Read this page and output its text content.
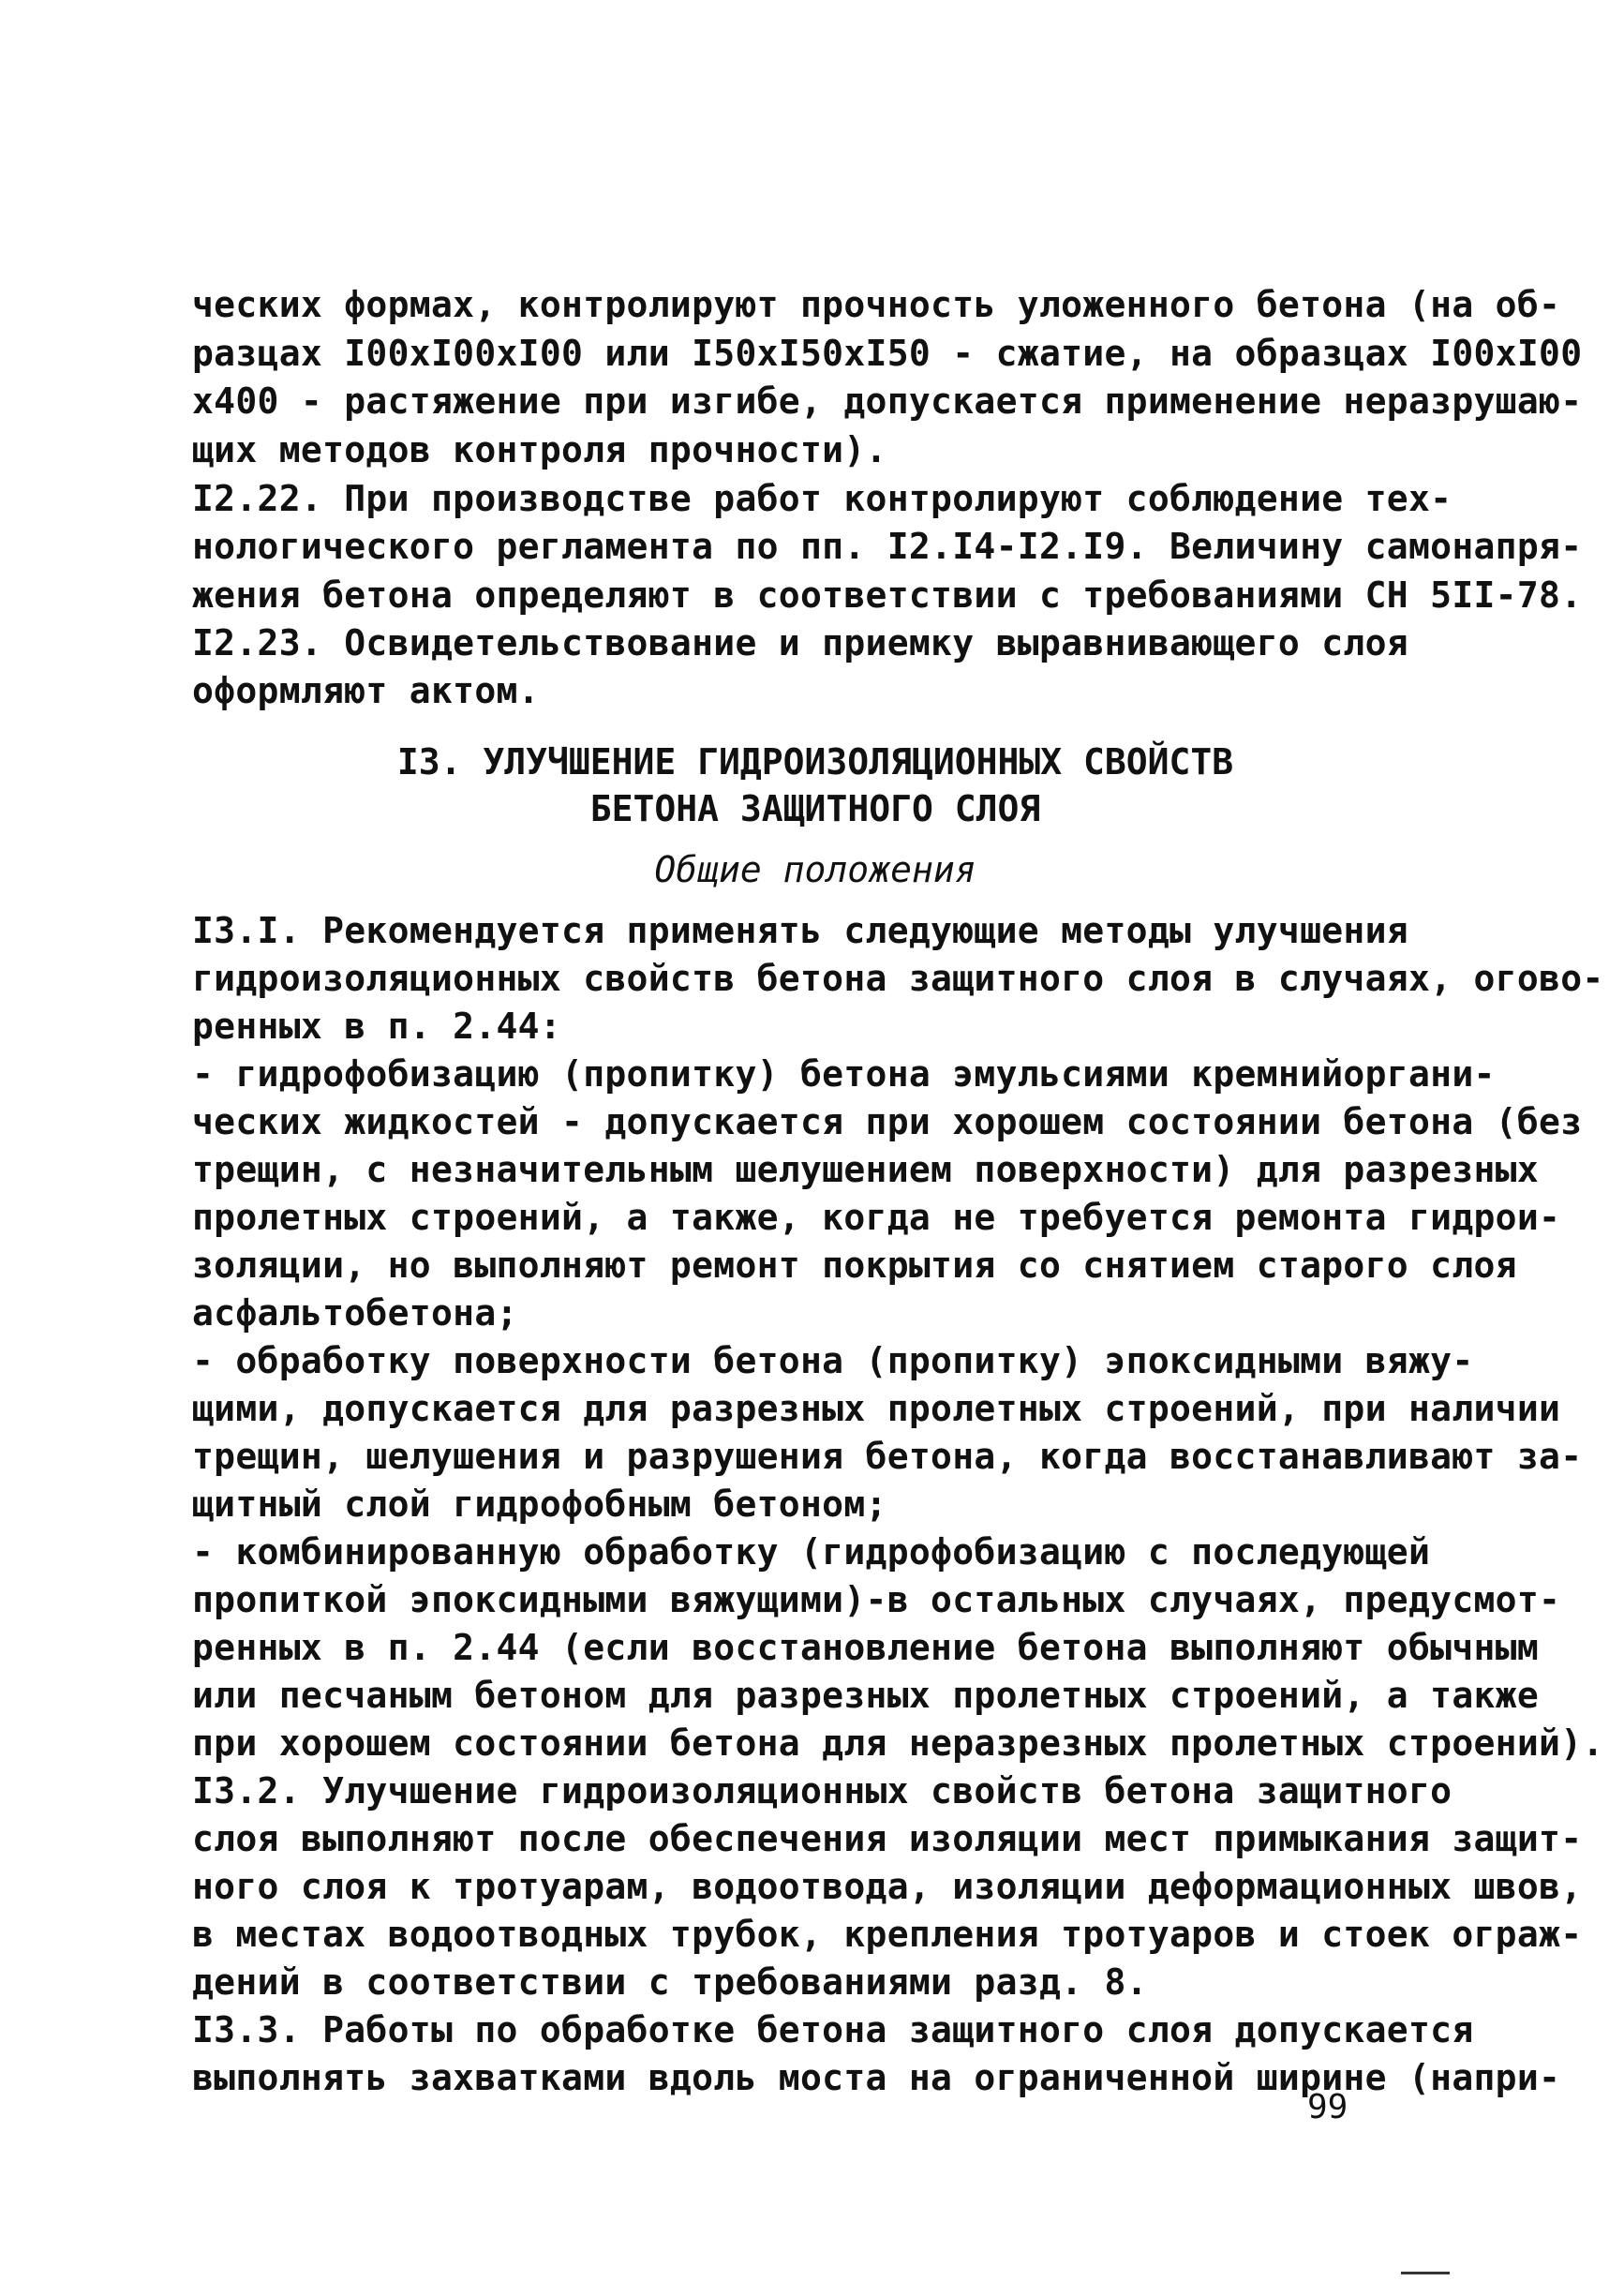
ческих формах, контролируют прочность уложенного бетона (на об-
разцах I00xI00xI00 или I50xI50xI50 - сжатие, на образцах I00xI00
x400 - растяжение при изгибе, допускается применение неразрушаю-
щих методов контроля прочности).
I2.22. При производстве работ контролируют соблюдение тех-
нологического регламента по пп. I2.I4-I2.I9. Величину самонапря-
жения бетона определяют в соответствии с требованиями СН 5II-78.
I2.23. Освидетельствование и приемку выравнивающего слоя
оформляют актом.
I3. УЛУЧШЕНИЕ ГИДРОИЗОЛЯЦИОННЫХ СВОЙСТВ
БЕТОНА ЗАЩИТНОГО СЛОЯ
Общие положения
I3.I. Рекомендуется применять следующие методы улучшения
гидроизоляционных свойств бетона защитного слоя в случаях, огово-
ренных в п. 2.44:
- гидрофобизацию (пропитку) бетона эмульсиями кремнийоргани-
ческих жидкостей - допускается при хорошем состоянии бетона (без
трещин, с незначительным шелушением поверхности) для разрезных
пролетных строений, а также, когда не требуется ремонта гидрои-
золяции, но выполняют ремонт покрытия со снятием старого слоя
асфальтобетона;
- обработку поверхности бетона (пропитку) эпоксидными вяжу-
щими, допускается для разрезных пролетных строений, при наличии
трещин, шелушения и разрушения бетона, когда восстанавливают за-
щитный слой гидрофобным бетоном;
- комбинированную обработку (гидрофобизацию с последующей
пропиткой эпоксидными вяжущими)-в остальных случаях, предусмот-
ренных в п. 2.44 (если восстановление бетона выполняют обычным
или песчаным бетоном для разрезных пролетных строений, а также
при хорошем состоянии бетона для неразрезных пролетных строений).
I3.2. Улучшение гидроизоляционных свойств бетона защитного
слоя выполняют после обеспечения изоляции мест примыкания защит-
ного слоя к тротуарам, водоотвода, изоляции деформационных швов,
в местах водоотводных трубок, крепления тротуаров и стоек ограж-
дений в соответствии с требованиями разд. 8.
I3.3. Работы по обработке бетона защитного слоя допускается
выполнять захватками вдоль моста на ограниченной ширине (напри-
99
